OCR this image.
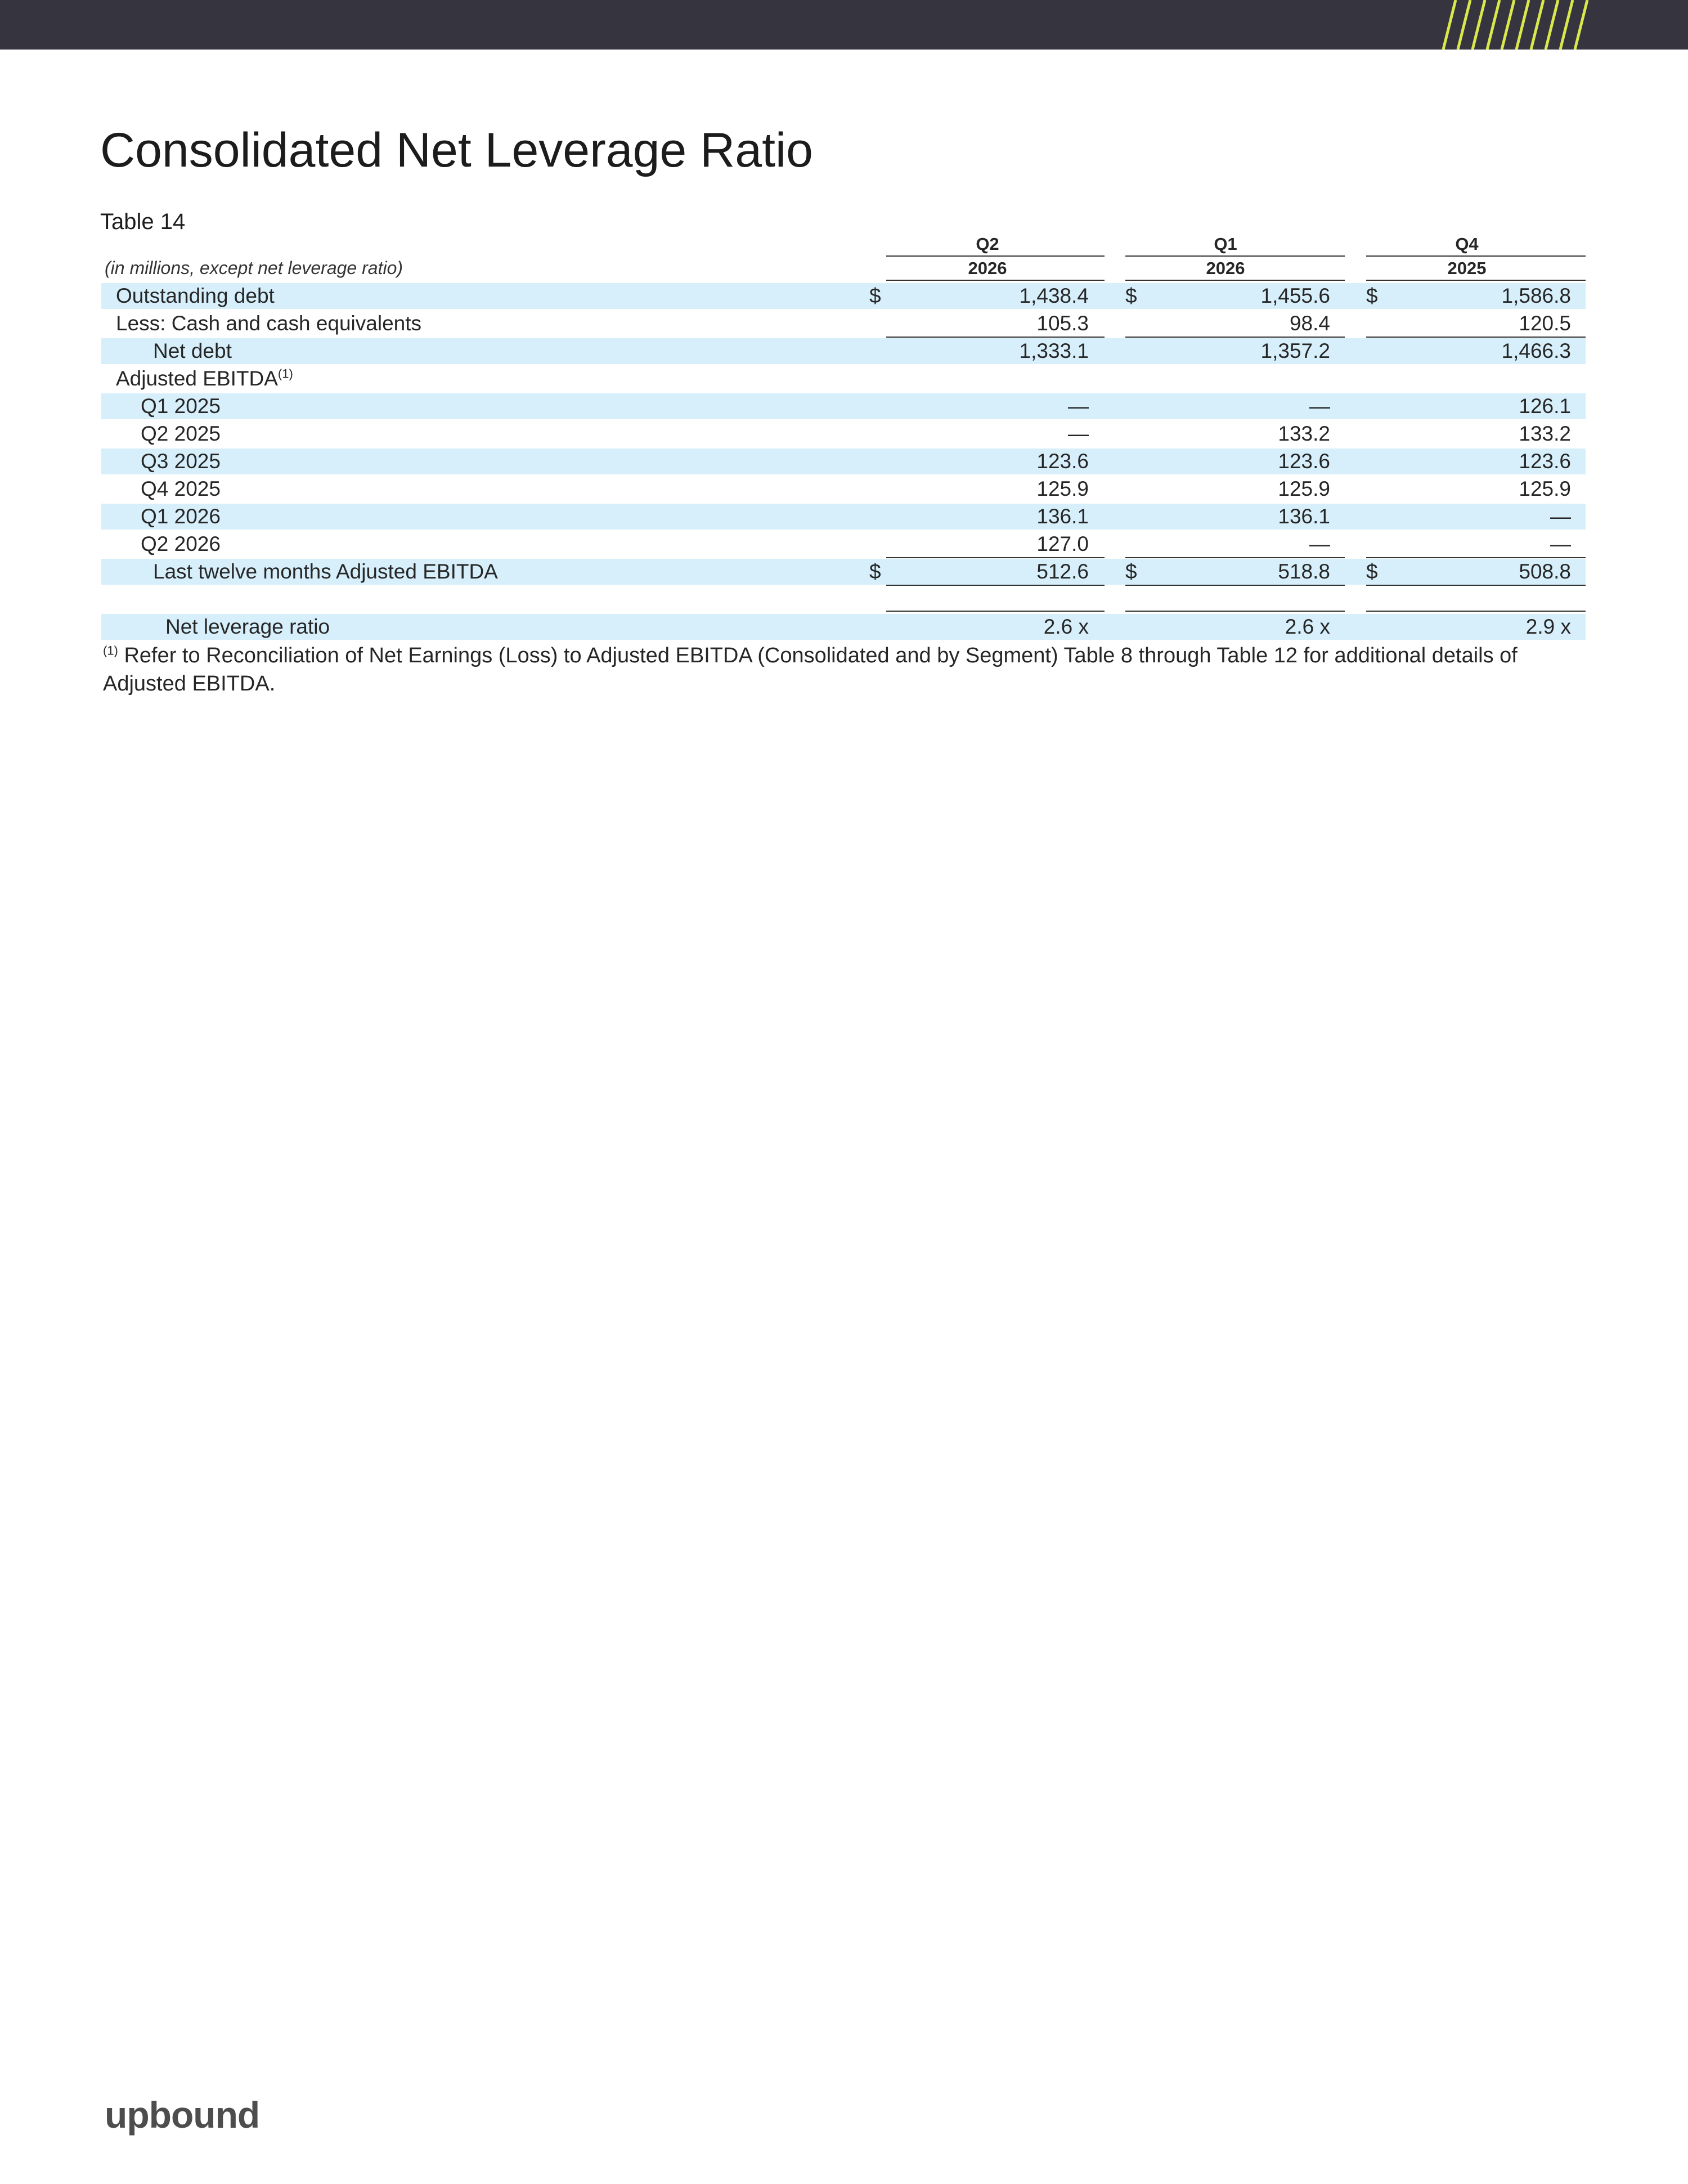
Consolidated Net Leverage Ratio
Table 14
Q2	Q1	Q4
2026	2026	2025
(in millions, except net leverage ratio)
Outstanding debt	$	1,438.4 $	1,455.6 $	1,586.8
Less: Cash and cash equivalents	105.3	98.4	120.5
Net debt	1,333.1	1,357.2	1,466.3
Adjusted EBITDA$^{(1)}$
Q1 2025	—	—	126.1
Q2 2025	—	133.2	133.2
Q3 2025	123.6	123.6	123.6
Q4 2025	125.9	125.9	125.9
Q1 2026	136.1	136.1	—
Q2 2026	127.0	—	—
Last twelve months Adjusted EBITDA	$	512.6 $	518.8 $	508.8
Net leverage ratio	2.6 x	2.6 x	2.9 x
$^{(1)}$ Refer to Reconciliation of Net Earnings (Loss) to Adjusted EBITDA (Consolidated and by Segment) Table 8 through Table 12 for additional details of Adjusted EBITDA.
upbound
